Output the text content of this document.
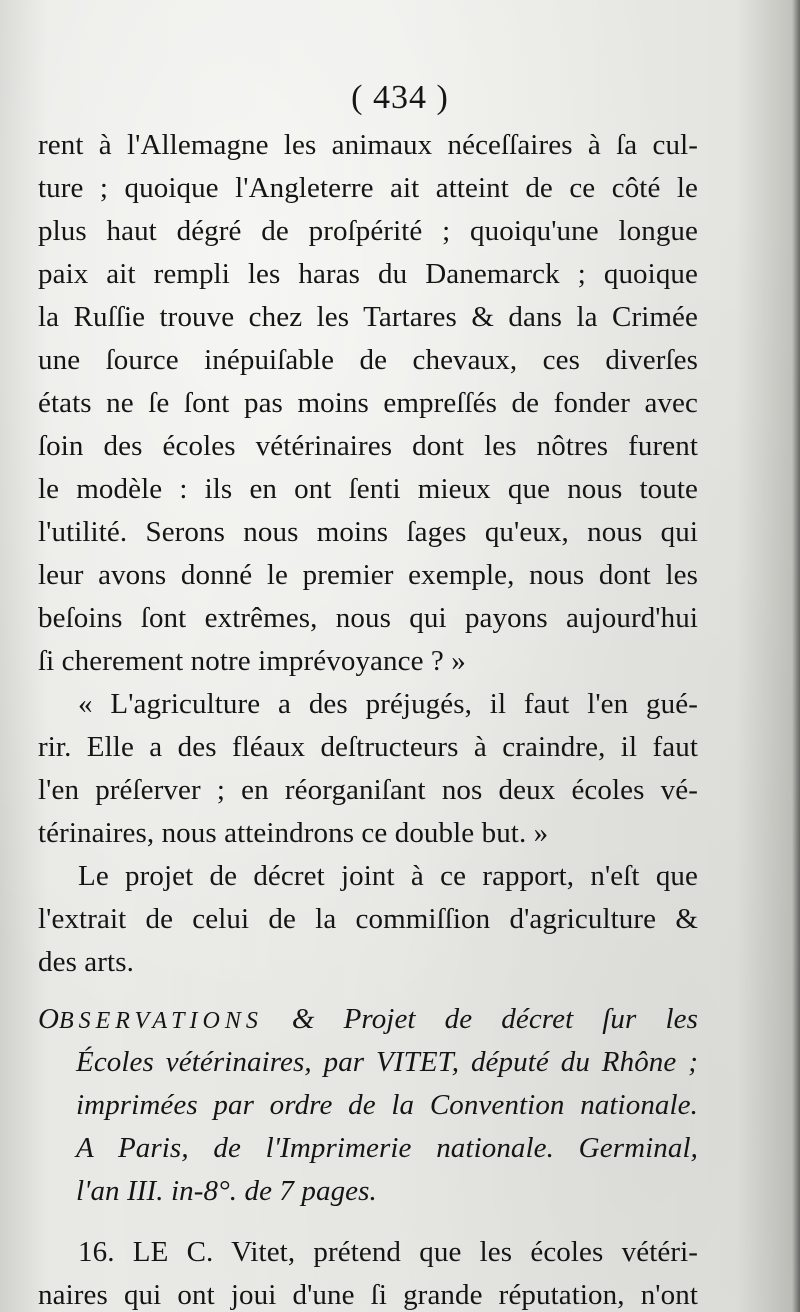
( 434 )
rent à l'Allemagne les animaux néceſſaires à ſa cul-
ture ; quoique l'Angleterre ait atteint de ce côté le
plus haut dégré de proſpérité ; quoiqu'une longue
paix ait rempli les haras du Danemarck ; quoique
la Ruſſie trouve chez les Tartares & dans la Crimée
une ſource inépuiſable de chevaux, ces diverſes
états ne ſe ſont pas moins empreſſés de fonder avec
ſoin des écoles vétérinaires dont les nôtres furent
le modèle : ils en ont ſenti mieux que nous toute
l'utilité. Serons nous moins ſages qu'eux, nous qui
leur avons donné le premier exemple, nous dont les
beſoins ſont extrêmes, nous qui payons aujourd'hui
ſi cherement notre imprévoyance ? »
« L'agriculture a des préjugés, il faut l'en gué-
rir. Elle a des fléaux deſtructeurs à craindre, il faut
l'en préſerver ; en réorganiſant nos deux écoles vé-
térinaires, nous atteindrons ce double but. »
Le projet de décret joint à ce rapport, n'eſt que
l'extrait de celui de la commiſſion d'agriculture &
des arts.
OBSERVATIONS & Projet de décret ſur les
Écoles vétérinaires, par VITET, député du Rhône ;
imprimées par ordre de la Convention nationale.
A Paris, de l'Imprimerie nationale. Germinal,
l'an III. in-8°. de 7 pages.
16. LE C. Vitet, prétend que les écoles vétéri-
naires qui ont joui d'une ſi grande réputation, n'ont
